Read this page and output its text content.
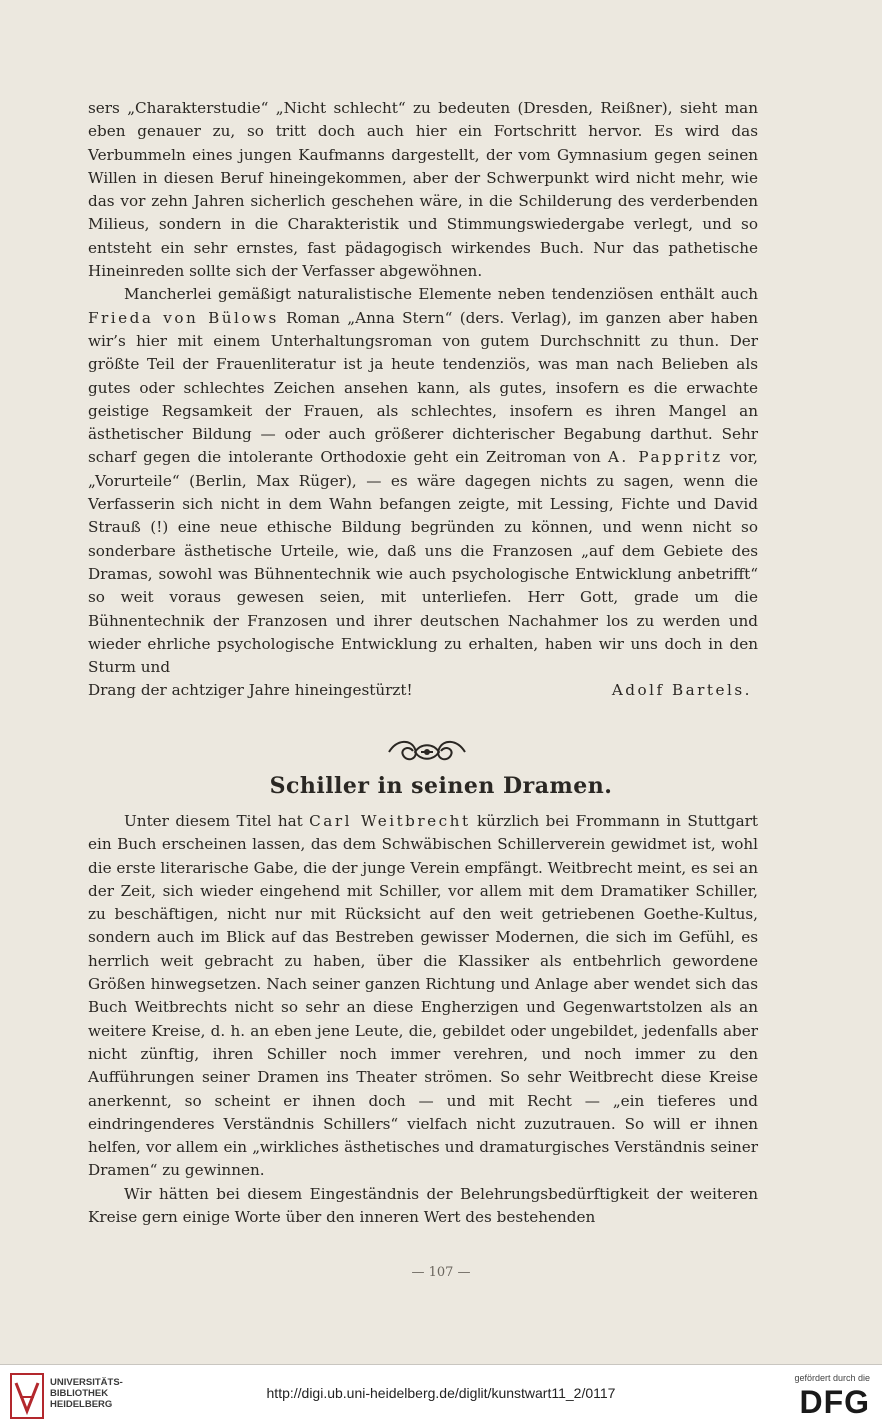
sers „Charakterstudie“ „Nicht schlecht“ zu bedeuten (Dresden, Reißner), sieht man eben genauer zu, so tritt doch auch hier ein Fortschritt hervor. Es wird das Verbummeln eines jungen Kaufmanns dargestellt, der vom Gymnasium gegen seinen Willen in diesen Beruf hineingekommen, aber der Schwerpunkt wird nicht mehr, wie das vor zehn Jahren sicherlich geschehen wäre, in die Schilderung des verderbenden Milieus, sondern in die Charakteristik und Stimmungswiedergabe verlegt, und so entsteht ein sehr ernstes, fast pädagogisch wirkendes Buch. Nur das pathetische Hineinreden sollte sich der Verfasser abgewöhnen.

Mancherlei gemäßigt naturalistische Elemente neben tendenziösen enthält auch Frieda von Bülows Roman „Anna Stern“ (ders. Verlag), im ganzen aber haben wir’s hier mit einem Unterhaltungsroman von gutem Durchschnitt zu thun. Der größte Teil der Frauenliteratur ist ja heute tendenziös, was man nach Belieben als gutes oder schlechtes Zeichen ansehen kann, als gutes, insofern es die erwachte geistige Regsamkeit der Frauen, als schlechtes, insofern es ihren Mangel an ästhetischer Bildung — oder auch größerer dichterischer Begabung darthut. Sehr scharf gegen die intolerante Orthodoxie geht ein Zeitroman von A. Pappritz vor, „Vorurteile“ (Berlin, Max Rüger), — es wäre dagegen nichts zu sagen, wenn die Verfasserin sich nicht in dem Wahn befangen zeigte, mit Lessing, Fichte und David Strauß (!) eine neue ethische Bildung begründen zu können, und wenn nicht so sonderbare ästhetische Urteile, wie, daß uns die Franzosen „auf dem Gebiete des Dramas, sowohl was Bühnentechnik wie auch psychologische Entwicklung anbetrifft“ so weit voraus gewesen seien, mit unterliefen. Herr Gott, grade um die Bühnentechnik der Franzosen und ihrer deutschen Nachahmer los zu werden und wieder ehrliche psychologische Entwicklung zu erhalten, haben wir uns doch in den Sturm und

Drang der achtziger Jahre hineingestürzt!	Adolf Bartels.
Schiller in seinen Dramen.

Unter diesem Titel hat Carl Weitbrecht kürzlich bei Frommann in Stuttgart ein Buch erscheinen lassen, das dem Schwäbischen Schillerverein gewidmet ist, wohl die erste literarische Gabe, die der junge Verein empfängt. Weitbrecht meint, es sei an der Zeit, sich wieder eingehend mit Schiller, vor allem mit dem Dramatiker Schiller, zu beschäftigen, nicht nur mit Rücksicht auf den weit getriebenen Goethe-Kultus, sondern auch im Blick auf das Bestreben gewisser Modernen, die sich im Gefühl, es herrlich weit gebracht zu haben, über die Klassiker als entbehrlich gewordene Größen hinwegsetzen. Nach seiner ganzen Richtung und Anlage aber wendet sich das Buch Weitbrechts nicht so sehr an diese Engherzigen und Gegenwartstolzen als an weitere Kreise, d. h. an eben jene Leute, die, gebildet oder ungebildet, jedenfalls aber nicht zünftig, ihren Schiller noch immer verehren, und noch immer zu den Aufführungen seiner Dramen ins Theater strömen. So sehr Weitbrecht diese Kreise anerkennt, so scheint er ihnen doch — und mit Recht — „ein tieferes und eindringenderes Verständnis Schillers“ vielfach nicht zuzutrauen. So will er ihnen helfen, vor allem ein „wirkliches ästhetisches und dramaturgisches Verständnis seiner Dramen“ zu gewinnen.

Wir hätten bei diesem Eingeständnis der Belehrungsbedürftigkeit der weiteren Kreise gern einige Worte über den inneren Wert des bestehenden

— 107 —
UNIVERSITÄTS-
BIBLIOTHEK
HEIDELBERG
http://digi.ub.uni-heidelberg.de/diglit/kunstwart11_2/0117
gefördert durch die
DFG
